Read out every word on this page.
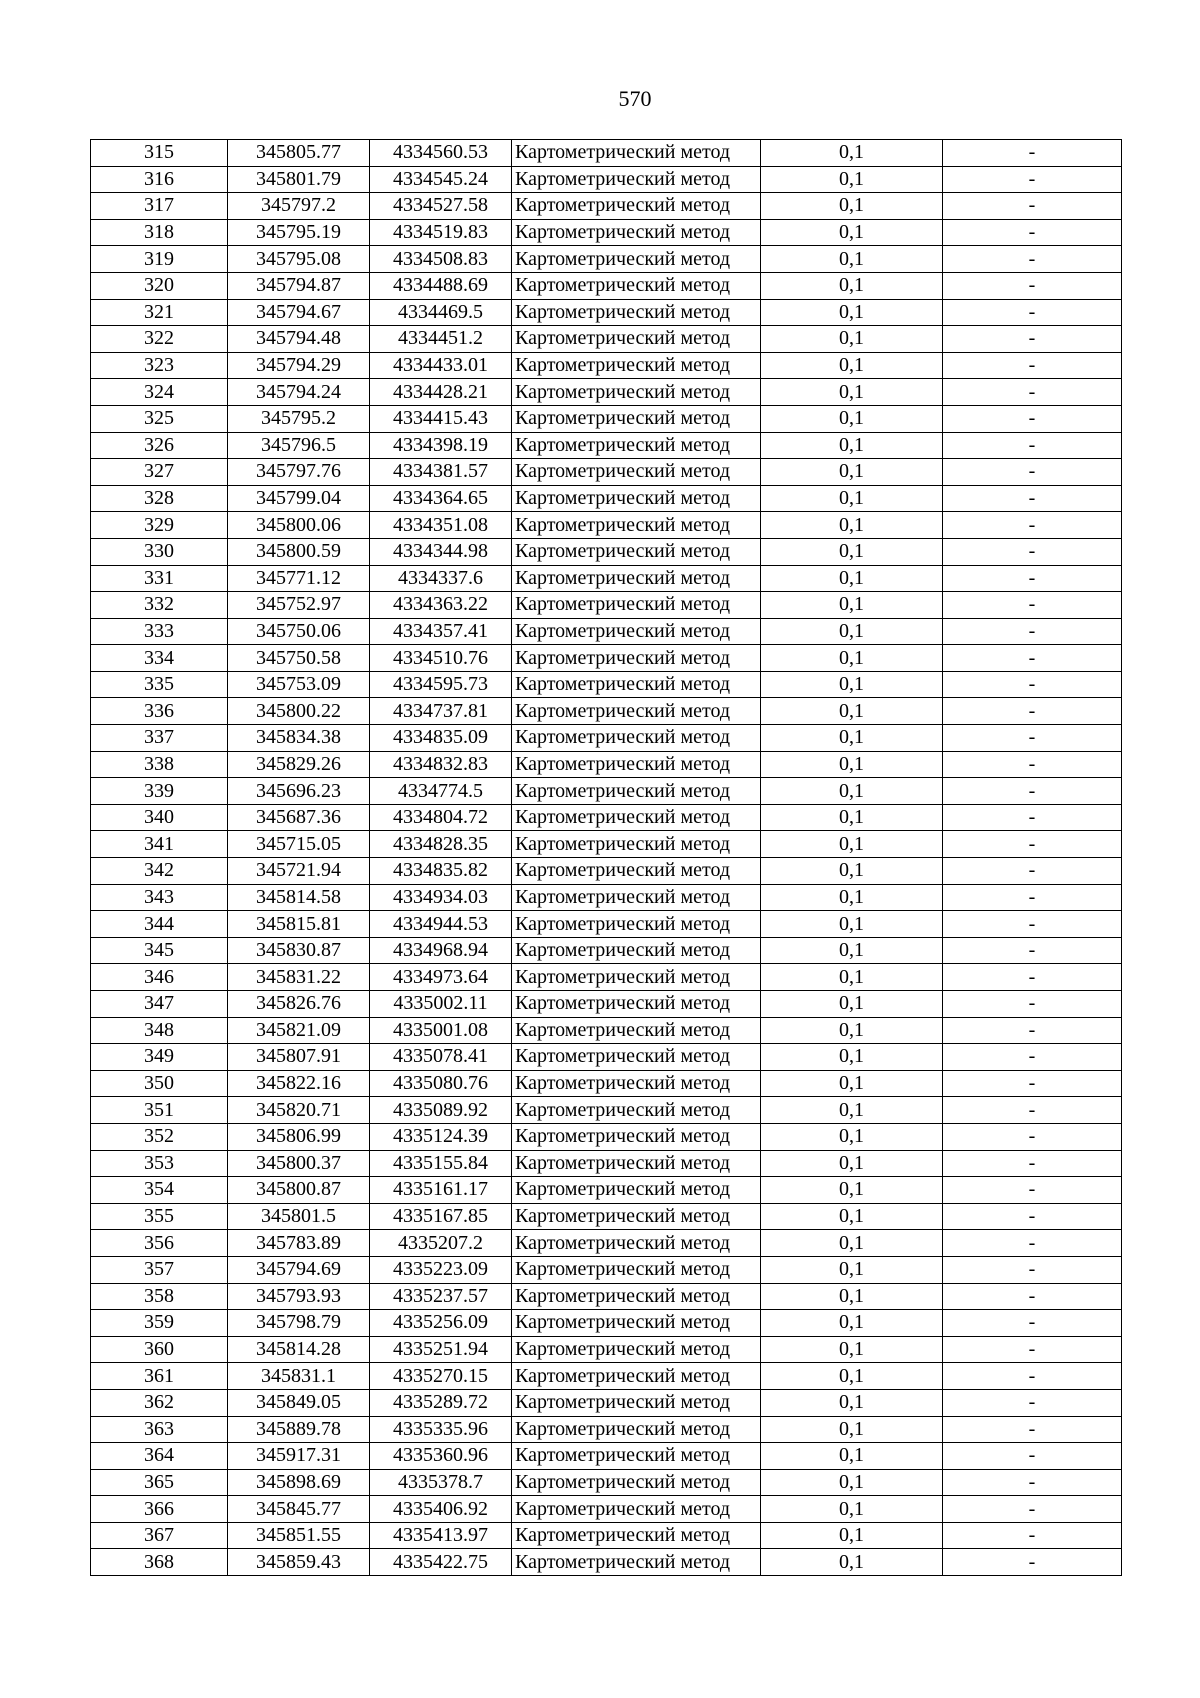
570
315	345805.77	4334560.53	Картометрический метод	0,1	-
316	345801.79	4334545.24	Картометрический метод	0,1	-
317	345797.2	4334527.58	Картометрический метод	0,1	-
318	345795.19	4334519.83	Картометрический метод	0,1	-
319	345795.08	4334508.83	Картометрический метод	0,1	-
320	345794.87	4334488.69	Картометрический метод	0,1	-
321	345794.67	4334469.5	Картометрический метод	0,1	-
322	345794.48	4334451.2	Картометрический метод	0,1	-
323	345794.29	4334433.01	Картометрический метод	0,1	-
324	345794.24	4334428.21	Картометрический метод	0,1	-
325	345795.2	4334415.43	Картометрический метод	0,1	-
326	345796.5	4334398.19	Картометрический метод	0,1	-
327	345797.76	4334381.57	Картометрический метод	0,1	-
328	345799.04	4334364.65	Картометрический метод	0,1	-
329	345800.06	4334351.08	Картометрический метод	0,1	-
330	345800.59	4334344.98	Картометрический метод	0,1	-
331	345771.12	4334337.6	Картометрический метод	0,1	-
332	345752.97	4334363.22	Картометрический метод	0,1	-
333	345750.06	4334357.41	Картометрический метод	0,1	-
334	345750.58	4334510.76	Картометрический метод	0,1	-
335	345753.09	4334595.73	Картометрический метод	0,1	-
336	345800.22	4334737.81	Картометрический метод	0,1	-
337	345834.38	4334835.09	Картометрический метод	0,1	-
338	345829.26	4334832.83	Картометрический метод	0,1	-
339	345696.23	4334774.5	Картометрический метод	0,1	-
340	345687.36	4334804.72	Картометрический метод	0,1	-
341	345715.05	4334828.35	Картометрический метод	0,1	-
342	345721.94	4334835.82	Картометрический метод	0,1	-
343	345814.58	4334934.03	Картометрический метод	0,1	-
344	345815.81	4334944.53	Картометрический метод	0,1	-
345	345830.87	4334968.94	Картометрический метод	0,1	-
346	345831.22	4334973.64	Картометрический метод	0,1	-
347	345826.76	4335002.11	Картометрический метод	0,1	-
348	345821.09	4335001.08	Картометрический метод	0,1	-
349	345807.91	4335078.41	Картометрический метод	0,1	-
350	345822.16	4335080.76	Картометрический метод	0,1	-
351	345820.71	4335089.92	Картометрический метод	0,1	-
352	345806.99	4335124.39	Картометрический метод	0,1	-
353	345800.37	4335155.84	Картометрический метод	0,1	-
354	345800.87	4335161.17	Картометрический метод	0,1	-
355	345801.5	4335167.85	Картометрический метод	0,1	-
356	345783.89	4335207.2	Картометрический метод	0,1	-
357	345794.69	4335223.09	Картометрический метод	0,1	-
358	345793.93	4335237.57	Картометрический метод	0,1	-
359	345798.79	4335256.09	Картометрический метод	0,1	-
360	345814.28	4335251.94	Картометрический метод	0,1	-
361	345831.1	4335270.15	Картометрический метод	0,1	-
362	345849.05	4335289.72	Картометрический метод	0,1	-
363	345889.78	4335335.96	Картометрический метод	0,1	-
364	345917.31	4335360.96	Картометрический метод	0,1	-
365	345898.69	4335378.7	Картометрический метод	0,1	-
366	345845.77	4335406.92	Картометрический метод	0,1	-
367	345851.55	4335413.97	Картометрический метод	0,1	-
368	345859.43	4335422.75	Картометрический метод	0,1	-
